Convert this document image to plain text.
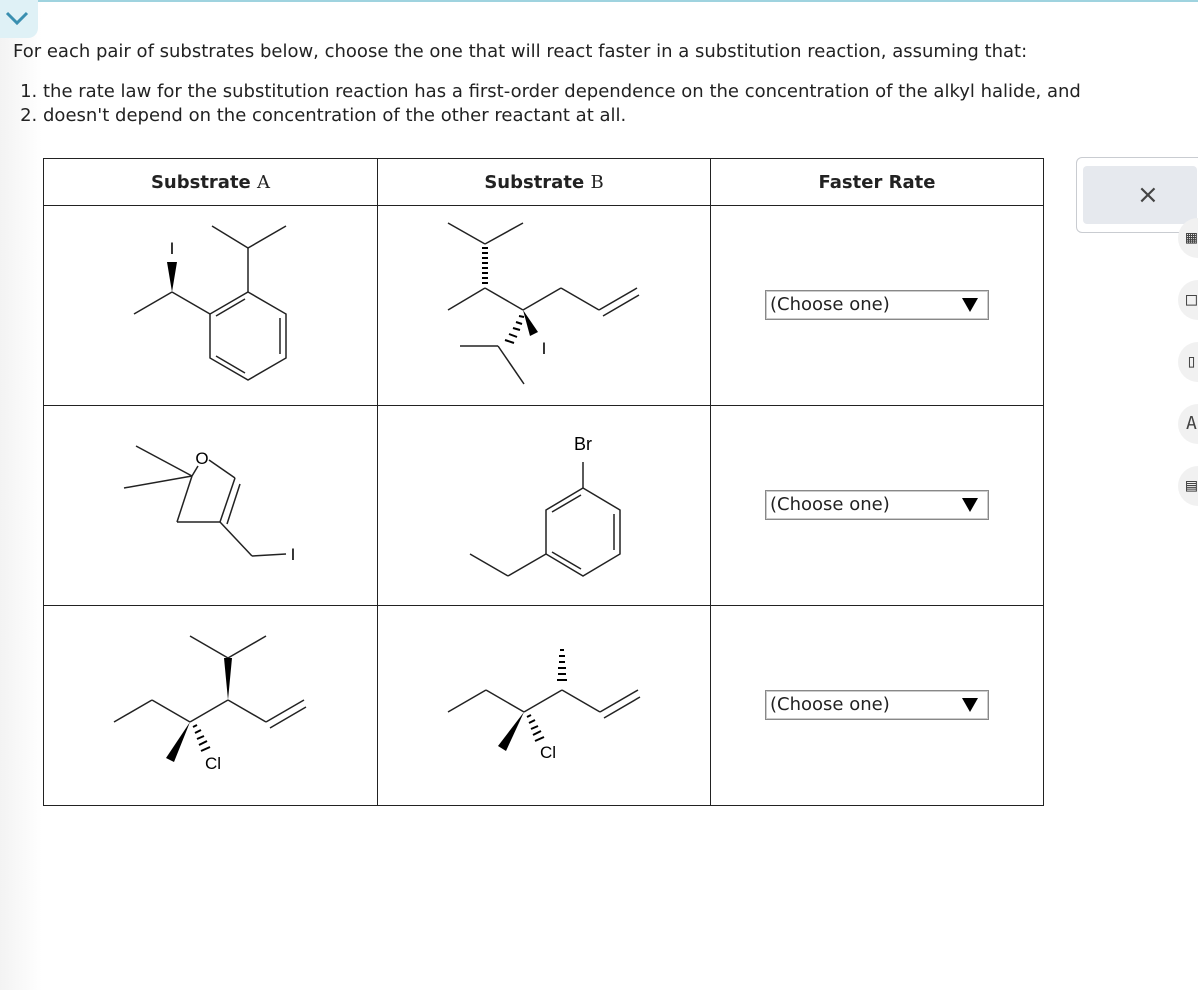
For each pair of substrates below, choose the one that will react faster in a substitution reaction, assuming that:

1. the rate law for the substitution reaction has a first-order dependence on the concentration of the alkyl halide, and
2. doesn't depend on the concentration of the other reactant at all.
Substrate A	Substrate B	Faster Rate

I	I	(Choose one)

O
I	Br	(Choose one)

Cl	Cl	(Choose one)
×
▦
□
▯
A
▤
